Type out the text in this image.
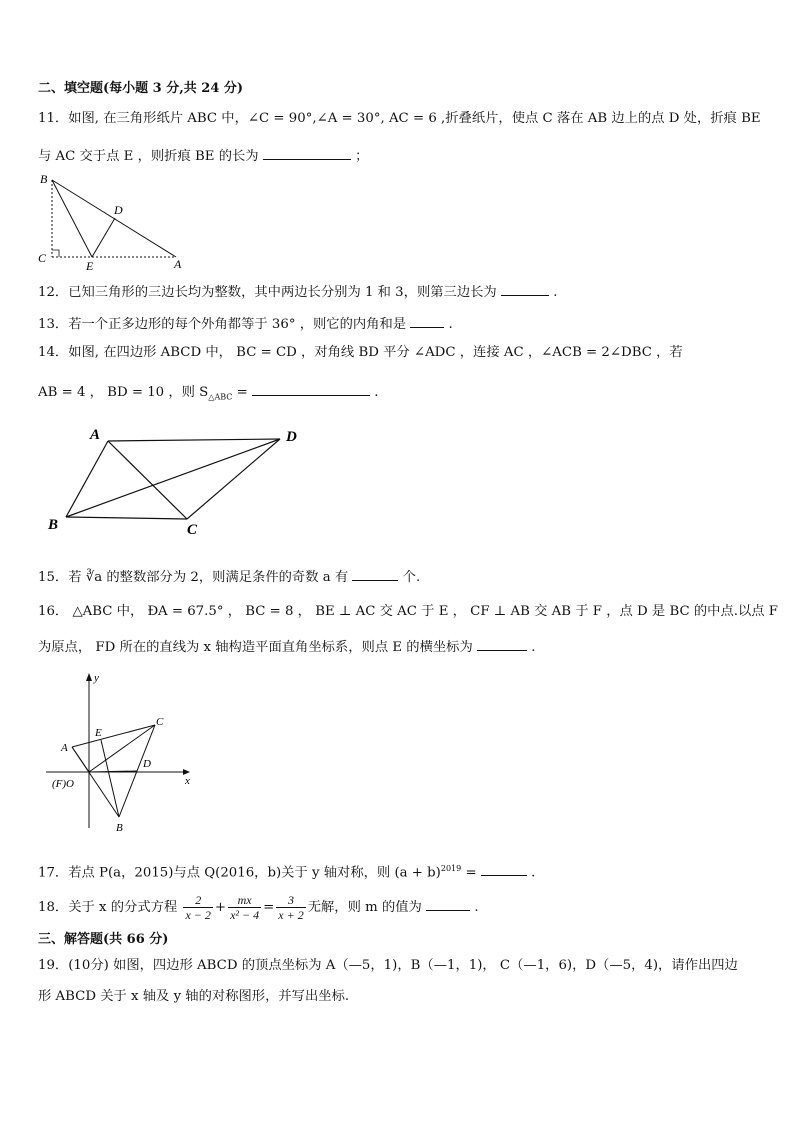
二、填空题(每小题 3 分,共 24 分)
11．如图, 在三角形纸片 ABC 中，∠C = 90°,∠A = 30°, AC = 6 ,折叠纸片，使点 C 落在 AB 边上的点 D 处，折痕 BE
与 AC 交于点 E ，则折痕 BE 的长为	；
B
C
D
E	A
12．已知三角形的三边长均为整数，其中两边长分别为 1 和 3，则第三边长为	.
13．若一个正多边形的每个外角都等于 36° ，则它的内角和是	.
14．如图, 在四边形 ABCD 中， BC = CD ，对角线 BD 平分 ∠ADC ，连接 AC ，∠ACB = 2∠DBC ，若
AB = 4 ， BD = 10 ，则 $S_{\triangle ABC}$ =	.
A	D
B	C
15．若 ∛a 的整数部分为 2，则满足条件的奇数 a 有	个.
16． △ABC 中， ÐA = 67.5° ， BC = 8 ， BE ⊥ AC 交 AC 于 E ， CF ⊥ AB 交 AB 于 F ，点 D 是 BC 的中点.以点 F
为原点， FD 所在的直线为 x 轴构造平面直角坐标系，则点 E 的横坐标为	.
y
x
A
E
C
D
(F)O
B
17．若点 P(a，2015)与点 Q(2016，b)关于 y 轴对称，则 $(a + b)^{2019}$ =	.
18．关于 x 的分式方程 $\frac{2}{x - 2} + \frac{mx}{\text{x² − 4}} = \frac{3}{x + 2}$ 无解，则 m 的值为	.
三、解答题(共 66 分)
19．(10分) 如图，四边形 ABCD 的顶点坐标为 A（—5，1)，B（—1，1)， C（—1，6)，D（—5，4)，请作出四边
形 ABCD 关于 x 轴及 y 轴的对称图形，并写出坐标.
